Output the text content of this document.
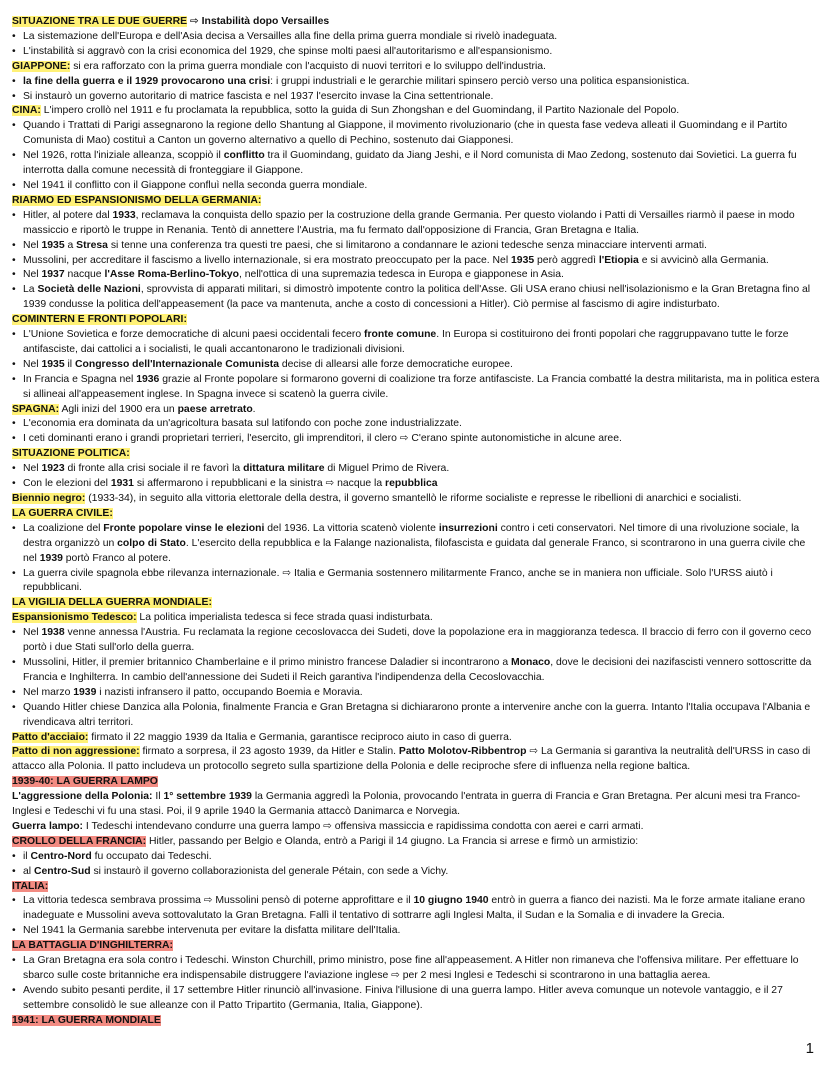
SITUAZIONE TRA LE DUE GUERRE ⇨ Instabilità dopo Versailles
• La sistemazione dell'Europa e dell'Asia decisa a Versailles alla fine della prima guerra mondiale si rivelò inadeguata.
• L'instabilità si aggravò con la crisi economica del 1929, che spinse molti paesi all'autoritarismo e all'espansionismo.
GIAPPONE: si era rafforzato con la prima guerra mondiale con l'acquisto di nuovi territori e lo sviluppo dell'industria.
• la fine della guerra e il 1929 provocarono una crisi: i gruppi industriali e le gerarchie militari spinsero perciò verso una politica espansionistica.
• Si instaurò un governo autoritario di matrice fascista e nel 1937 l'esercito invase la Cina settentrionale.
CINA: L'impero crollò nel 1911 e fu proclamata la repubblica, sotto la guida di Sun Zhongshan e del Guomindang, il Partito Nazionale del Popolo.
• Quando i Trattati di Parigi assegnarono la regione dello Shantung al Giappone, il movimento rivoluzionario (che in questa fase vedeva alleati il Guomindang e il Partito Comunista di Mao) costituì a Canton un governo alternativo a quello di Pechino, sostenuto dai Giapponesi.
• Nel 1926, rotta l'iniziale alleanza, scoppiò il conflitto tra il Guomindang, guidato da Jiang Jeshi, e il Nord comunista di Mao Zedong, sostenuto dai Sovietici. La guerra fu interrotta dalla comune necessità di fronteggiare il Giappone.
• Nel 1941 il conflitto con il Giappone confluì nella seconda guerra mondiale.
RIARMO ED ESPANSIONISMO DELLA GERMANIA:
• Hitler, al potere dal 1933, reclamava la conquista dello spazio per la costruzione della grande Germania. Per questo violando i Patti di Versailles riarmò il paese in modo massiccio e riportò le truppe in Renania. Tentò di annettere l'Austria, ma fu fermato dall'opposizione di Francia, Gran Bretagna e Italia.
• Nel 1935 a Stresa si tenne una conferenza tra questi tre paesi, che si limitarono a condannare le azioni tedesche senza minacciare interventi armati.
• Mussolini, per accreditare il fascismo a livello internazionale, si era mostrato preoccupato per la pace. Nel 1935 però aggredì l'Etiopia e si avvicinò alla Germania.
• Nel 1937 nacque l'Asse Roma-Berlino-Tokyo, nell'ottica di una supremazia tedesca in Europa e giapponese in Asia.
• La Società delle Nazioni, sprovvista di apparati militari, si dimostrò impotente contro la politica dell'Asse. Gli USA erano chiusi nell'isolazionismo e la Gran Bretagna fino al 1939 condusse la politica dell'appeasement (la pace va mantenuta, anche a costo di concessioni a Hitler). Ciò permise al fascismo di agire indisturbato.
COMINTERN E FRONTI POPOLARI:
• L'Unione Sovietica e forze democratiche di alcuni paesi occidentali fecero fronte comune. In Europa si costituirono dei fronti popolari che raggruppavano tutte le forze antifasciste, dai cattolici a i socialisti, le quali accantonarono le tradizionali divisioni.
• Nel 1935 il Congresso dell'Internazionale Comunista decise di allearsi alle forze democratiche europee.
• In Francia e Spagna nel 1936 grazie al Fronte popolare si formarono governi di coalizione tra forze antifasciste. La Francia combatté la destra militarista, ma in politica estera si allineai all'appeasement inglese. In Spagna invece si scatenò la guerra civile.
SPAGNA: Agli inizi del 1900 era un paese arretrato.
• L'economia era dominata da un'agricoltura basata sul latifondo con poche zone industrializzate.
• I ceti dominanti erano i grandi proprietari terrieri, l'esercito, gli imprenditori, il clero ⇨ C'erano spinte autonomistiche in alcune aree.
SITUAZIONE POLITICA:
• Nel 1923 di fronte alla crisi sociale il re favorì la dittatura militare di Miguel Primo de Rivera.
• Con le elezioni del 1931 si affermarono i repubblicani e la sinistra ⇨ nacque la repubblica
Biennio negro: (1933-34), in seguito alla vittoria elettorale della destra, il governo smantellò le riforme socialiste e represse le ribellioni di anarchici e socialisti.
LA GUERRA CIVILE:
• La coalizione del Fronte popolare vinse le elezioni del 1936. La vittoria scatenò violente insurrezioni contro i ceti conservatori. Nel timore di una rivoluzione sociale, la destra organizzò un colpo di Stato. L'esercito della repubblica e la Falange nazionalista, filofascista e guidata dal generale Franco, si scontrarono in una guerra civile che nel 1939 portò Franco al potere.
• La guerra civile spagnola ebbe rilevanza internazionale. ⇨ Italia e Germania sostennero militarmente Franco, anche se in maniera non ufficiale. Solo l'URSS aiutò i repubblicani.
LA VIGILIA DELLA GUERRA MONDIALE:
Espansionismo Tedesco: La politica imperialista tedesca si fece strada quasi indisturbata.
• Nel 1938 venne annessa l'Austria. Fu reclamata la regione cecoslovacca dei Sudeti, dove la popolazione era in maggioranza tedesca. Il braccio di ferro con il governo ceco portò i due Stati sull'orlo della guerra.
• Mussolini, Hitler, il premier britannico Chamberlaine e il primo ministro francese Daladier si incontrarono a Monaco, dove le decisioni dei nazifascisti vennero sottoscritte da Francia e Inghilterra. In cambio dell'annessione dei Sudeti il Reich garantiva l'indipendenza della Cecoslovacchia.
• Nel marzo 1939 i nazisti infransero il patto, occupando Boemia e Moravia.
• Quando Hitler chiese Danzica alla Polonia, finalmente Francia e Gran Bretagna si dichiararono pronte a intervenire anche con la guerra. Intanto l'Italia occupava l'Albania e rivendicava altri territori.
Patto d'acciaio: firmato il 22 maggio 1939 da Italia e Germania, garantisce reciproco aiuto in caso di guerra.
Patto di non aggressione: firmato a sorpresa, il 23 agosto 1939, da Hitler e Stalin. Patto Molotov-Ribbentrop ⇨ La Germania si garantiva la neutralità dell'URSS in caso di attacco alla Polonia. Il patto includeva un protocollo segreto sulla spartizione della Polonia e delle reciproche sfere di influenza nella regione baltica.
1939-40: LA GUERRA LAMPO
L'aggressione della Polonia: Il 1° settembre 1939 la Germania aggredì la Polonia, provocando l'entrata in guerra di Francia e Gran Bretagna. Per alcuni mesi tra Franco-Inglesi e Tedeschi vi fu una stasi. Poi, il 9 aprile 1940 la Germania attaccò Danimarca e Norvegia.
Guerra lampo: I Tedeschi intendevano condurre una guerra lampo ⇨ offensiva massiccia e rapidissima condotta con aerei e carri armati.
CROLLO DELLA FRANCIA: Hitler, passando per Belgio e Olanda, entrò a Parigi il 14 giugno. La Francia si arrese e firmò un armistizio:
• il Centro-Nord fu occupato dai Tedeschi.
• al Centro-Sud si instaurò il governo collaborazionista del generale Pétain, con sede a Vichy.
ITALIA:
• La vittoria tedesca sembrava prossima ⇨ Mussolini pensò di poterne approfittare e il 10 giugno 1940 entrò in guerra a fianco dei nazisti. Ma le forze armate italiane erano inadeguate e Mussolini aveva sottovalutato la Gran Bretagna. Fallì il tentativo di sottrarre agli Inglesi Malta, il Sudan e la Somalia e di invadere la Grecia.
• Nel 1941 la Germania sarebbe intervenuta per evitare la disfatta militare dell'Italia.
LA BATTAGLIA D'INGHILTERRA:
• La Gran Bretagna era sola contro i Tedeschi. Winston Churchill, primo ministro, pose fine all'appeasement. A Hitler non rimaneva che l'offensiva militare. Per effettuare lo sbarco sulle coste britanniche era indispensabile distruggere l'aviazione inglese ⇨ per 2 mesi Inglesi e Tedeschi si scontrarono in una battaglia aerea.
• Avendo subito pesanti perdite, il 17 settembre Hitler rinunciò all'invasione. Finiva l'illusione di una guerra lampo. Hitler aveva comunque un notevole vantaggio, e il 27 settembre consolidò le sue alleanze con il Patto Tripartito (Germania, Italia, Giappone).
1941: LA GUERRA MONDIALE
1
